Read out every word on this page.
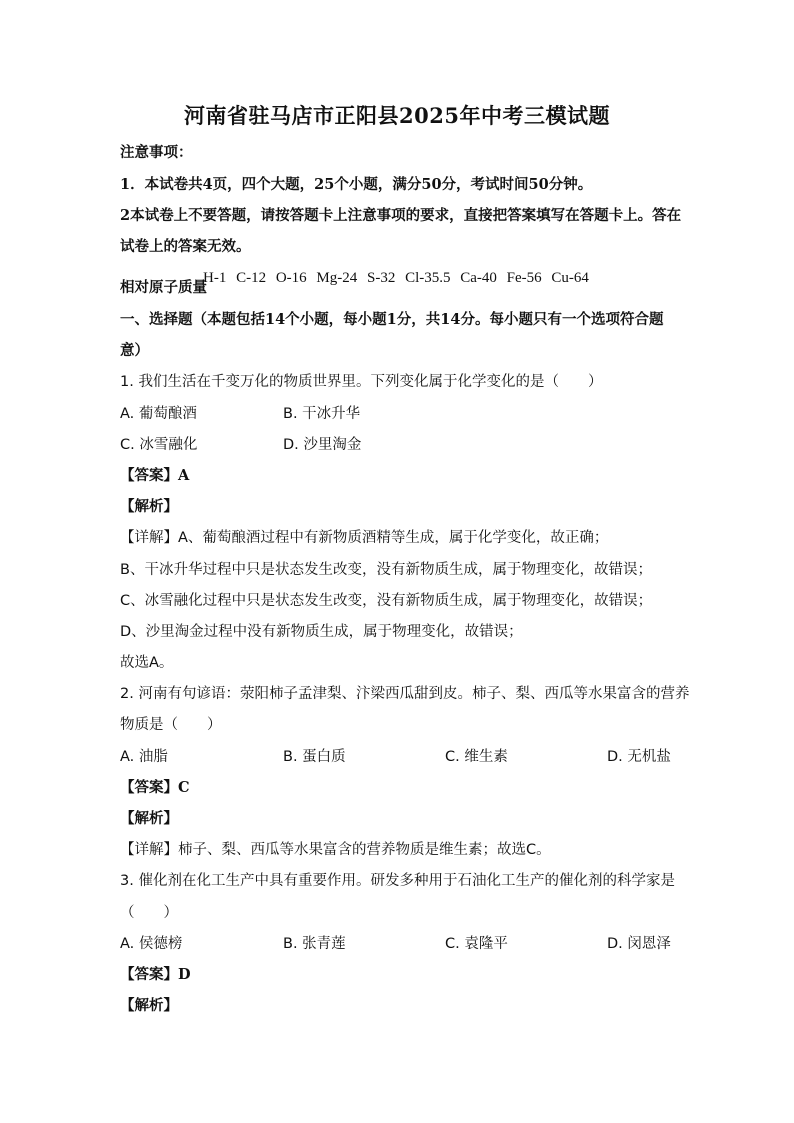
河南省驻马店市正阳县2025年中考三模试题
注意事项：
1．本试卷共4页，四个大题，25个小题，满分50分，考试时间50分钟。
2本试卷上不要答题，请按答题卡上注意事项的要求，直接把答案填写在答题卡上。答在
试卷上的答案无效。
相对原子质量
H-1 C-12 O-16 Mg-24 S-32 Cl-35.5 Ca-40 Fe-56 Cu-64
一、选择题（本题包括14个小题，每小题1分，共14分。每小题只有一个选项符合题
意）
1. 我们生活在千变万化的物质世界里。下列变化属于化学变化的是（　　）
A. 葡萄酿酒	B. 干冰升华
C. 冰雪融化	D. 沙里淘金
【答案】A
【解析】
【详解】A、葡萄酿酒过程中有新物质酒精等生成，属于化学变化，故正确；
B、干冰升华过程中只是状态发生改变，没有新物质生成，属于物理变化，故错误；
C、冰雪融化过程中只是状态发生改变，没有新物质生成，属于物理变化，故错误；
D、沙里淘金过程中没有新物质生成，属于物理变化，故错误；
故选A。
2. 河南有句谚语：荥阳柿子孟津梨、汴梁西瓜甜到皮。柿子、梨、西瓜等水果富含的营养
物质是（　　）
A. 油脂	B. 蛋白质	C. 维生素	D. 无机盐
【答案】C
【解析】
【详解】柿子、梨、西瓜等水果富含的营养物质是维生素；故选C。
3. 催化剂在化工生产中具有重要作用。研发多种用于石油化工生产的催化剂的科学家是
（　　）
A. 侯德榜	B. 张青莲	C. 袁隆平	D. 闵恩泽
【答案】D
【解析】
